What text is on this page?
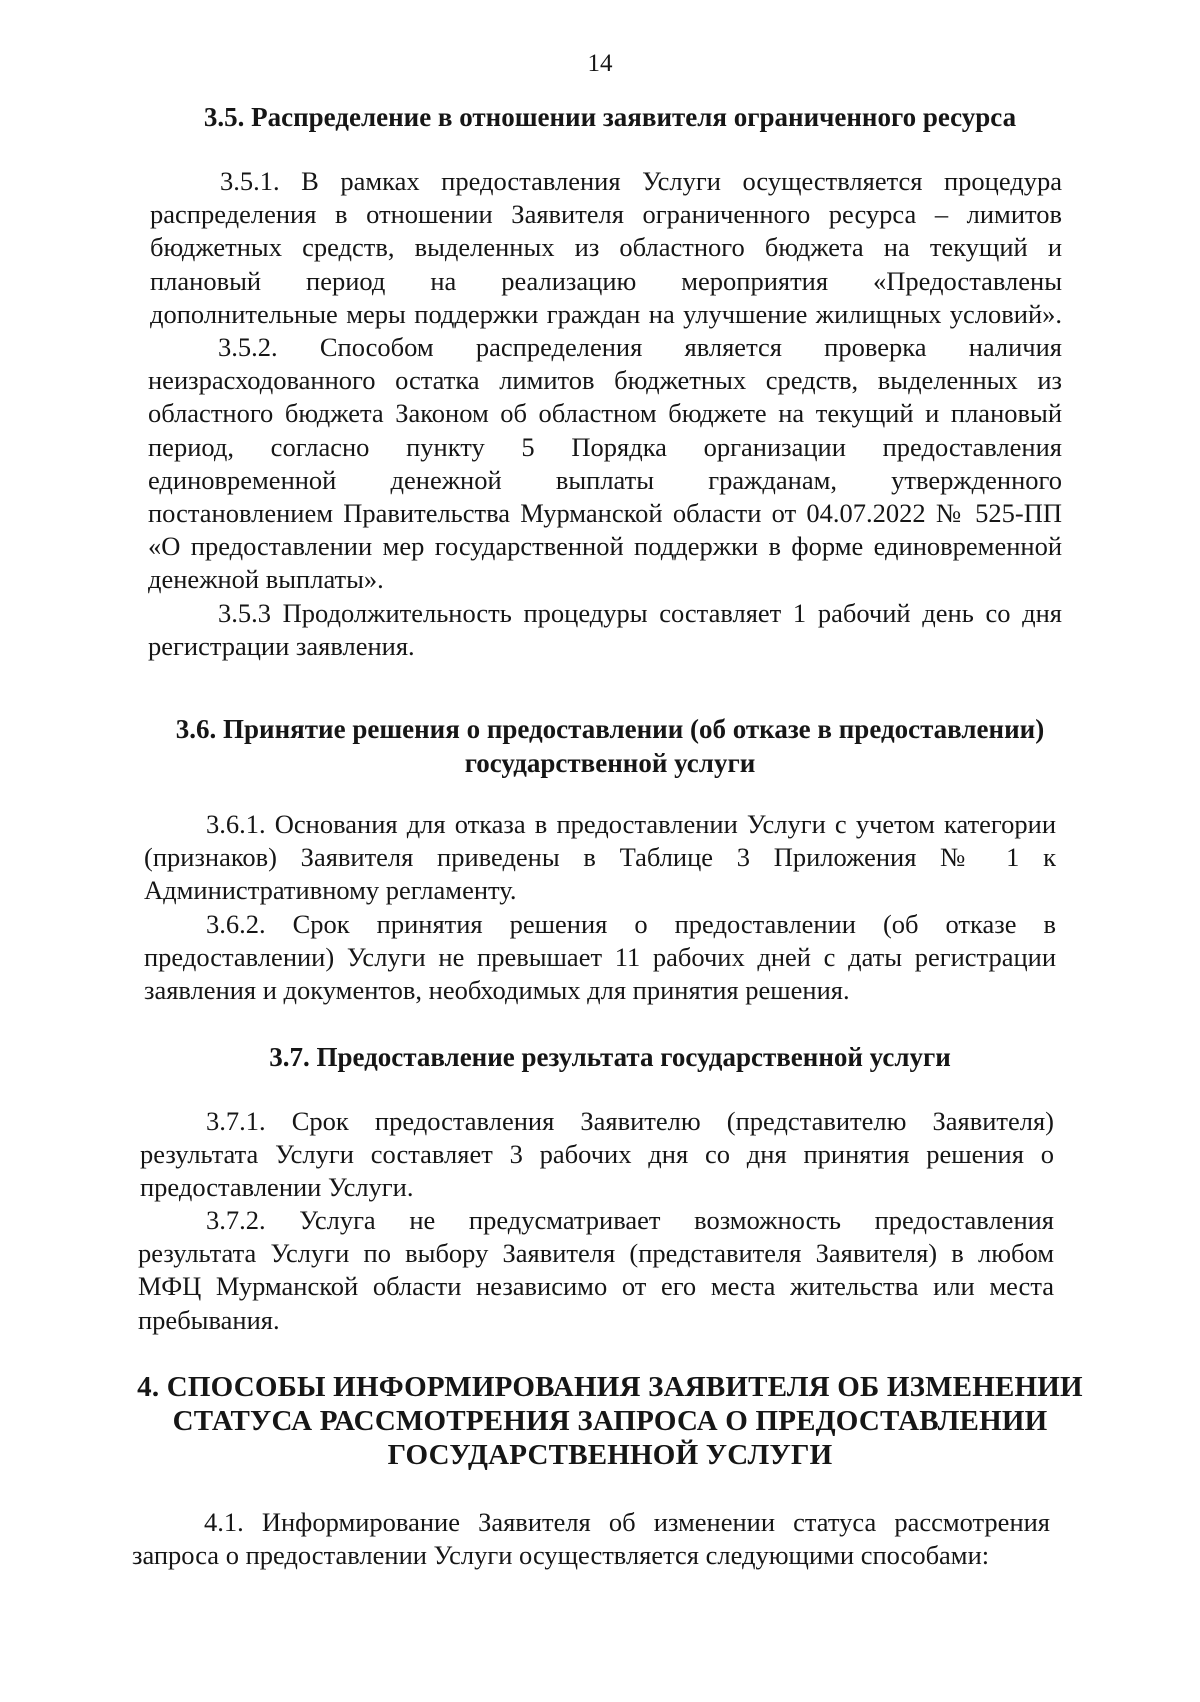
14
3.5. Распределение в отношении заявителя ограниченного ресурса
3.5.1. В рамках предоставления Услуги осуществляется процедура
распределения в отношении Заявителя ограниченного ресурса – лимитов
бюджетных средств, выделенных из областного бюджета на текущий и
плановый период на реализацию мероприятия «Предоставлены
дополнительные меры поддержки граждан на улучшение жилищных условий».
3.5.2. Способом распределения является проверка наличия
неизрасходованного остатка лимитов бюджетных средств, выделенных из
областного бюджета Законом об областном бюджете на текущий и плановый
период, согласно пункту 5 Порядка организации предоставления
единовременной денежной выплаты гражданам, утвержденного
постановлением Правительства Мурманской области от 04.07.2022 № 525-ПП
«О предоставлении мер государственной поддержки в форме единовременной
денежной выплаты».
3.5.3 Продолжительность процедуры составляет 1 рабочий день со дня
регистрации заявления.
3.6. Принятие решения о предоставлении (об отказе в предоставлении)
государственной услуги
3.6.1. Основания для отказа в предоставлении Услуги с учетом категории
(признаков) Заявителя приведены в Таблице 3 Приложения № 1 к
Административному регламенту.
3.6.2. Срок принятия решения о предоставлении (об отказе в
предоставлении) Услуги не превышает 11 рабочих дней с даты регистрации
заявления и документов, необходимых для принятия решения.
3.7. Предоставление результата государственной услуги
3.7.1. Срок предоставления Заявителю (представителю Заявителя)
результата Услуги составляет 3 рабочих дня со дня принятия решения о
предоставлении Услуги.
3.7.2. Услуга не предусматривает возможность предоставления
результата Услуги по выбору Заявителя (представителя Заявителя) в любом
МФЦ Мурманской области независимо от его места жительства или места
пребывания.
4. СПОСОБЫ ИНФОРМИРОВАНИЯ ЗАЯВИТЕЛЯ ОБ ИЗМЕНЕНИИ
СТАТУСА РАССМОТРЕНИЯ ЗАПРОСА О ПРЕДОСТАВЛЕНИИ
ГОСУДАРСТВЕННОЙ УСЛУГИ
4.1. Информирование Заявителя об изменении статуса рассмотрения
запроса о предоставлении Услуги осуществляется следующими способами:
